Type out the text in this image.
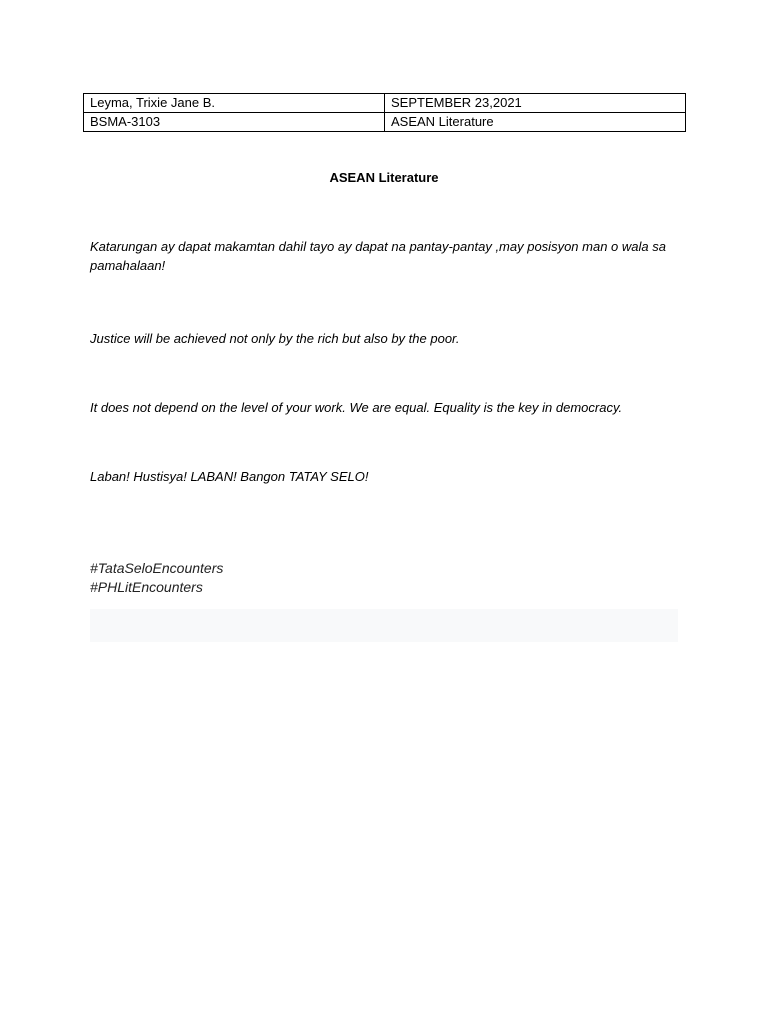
Leyma, Trixie Jane B.	SEPTEMBER 23,2021
BSMA-3103	ASEAN Literature
ASEAN Literature

Katarungan ay dapat makamtan dahil tayo ay dapat na pantay-pantay ,may posisyon man o wala sa pamahalaan!

Justice will be achieved not only by the rich but also by the poor.

It does not depend on the level of your work. We are equal. Equality is the key in democracy.

Laban! Hustisya! LABAN! Bangon TATAY SELO!

#TataSeloEncounters
#PHLitEncounters
